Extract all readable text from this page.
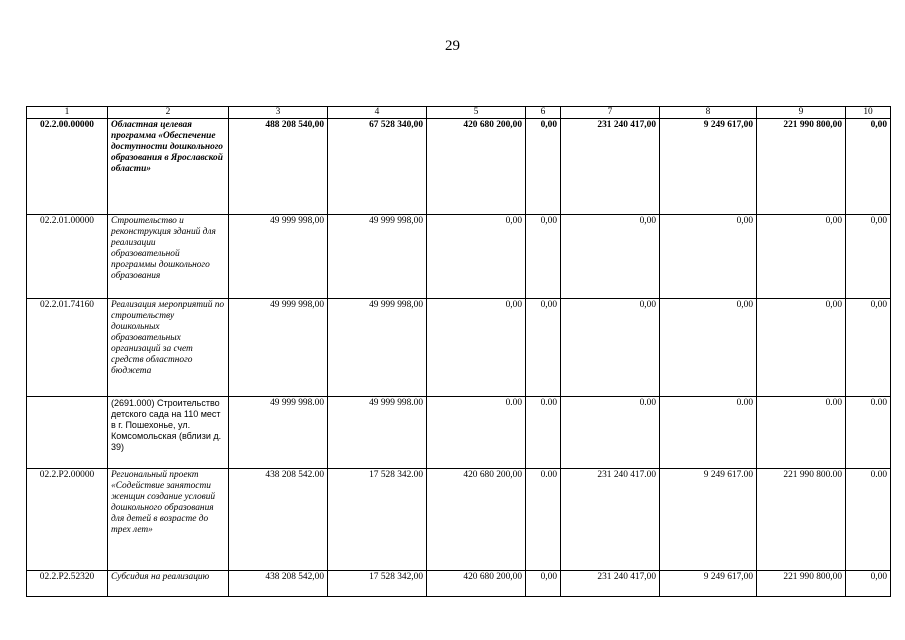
29
1	2	3	4	5	6	7	8	9	10
02.2.00.00000	Областная целевая программа «Обеспечение доступности дошкольного образования в Ярославской области»	488 208 540,00	67 528 340,00	420 680 200,00	0,00	231 240 417,00	9 249 617,00	221 990 800,00	0,00
02.2.01.00000	Строительство и реконструкция зданий для реализации образовательной программы дошкольного образования	49 999 998,00	49 999 998,00	0,00	0,00	0,00	0,00	0,00	0,00
02.2.01.74160	Реализация мероприятий по строительству дошкольных образовательных организаций за счет средств областного бюджета	49 999 998,00	49 999 998,00	0,00	0,00	0,00	0,00	0,00	0,00
	(2691.000) Строительство детского сада на 110 мест в г. Пошехонье, ул. Комсомольская (вблизи д. 39)	49 999 998.00	49 999 998.00	0.00	0.00	0.00	0.00	0.00	0.00
02.2.P2.00000	Региональный проект «Содействие занятости женщин создание условий дошкольного образования для детей в возрасте до трех лет»	438 208 542.00	17 528 342.00	420 680 200,00	0.00	231 240 417.00	9 249 617.00	221 990 800.00	0.00
02.2.P2.52320	Субсидия на реализацию	438 208 542,00	17 528 342,00	420 680 200,00	0,00	231 240 417,00	9 249 617,00	221 990 800,00	0,00
